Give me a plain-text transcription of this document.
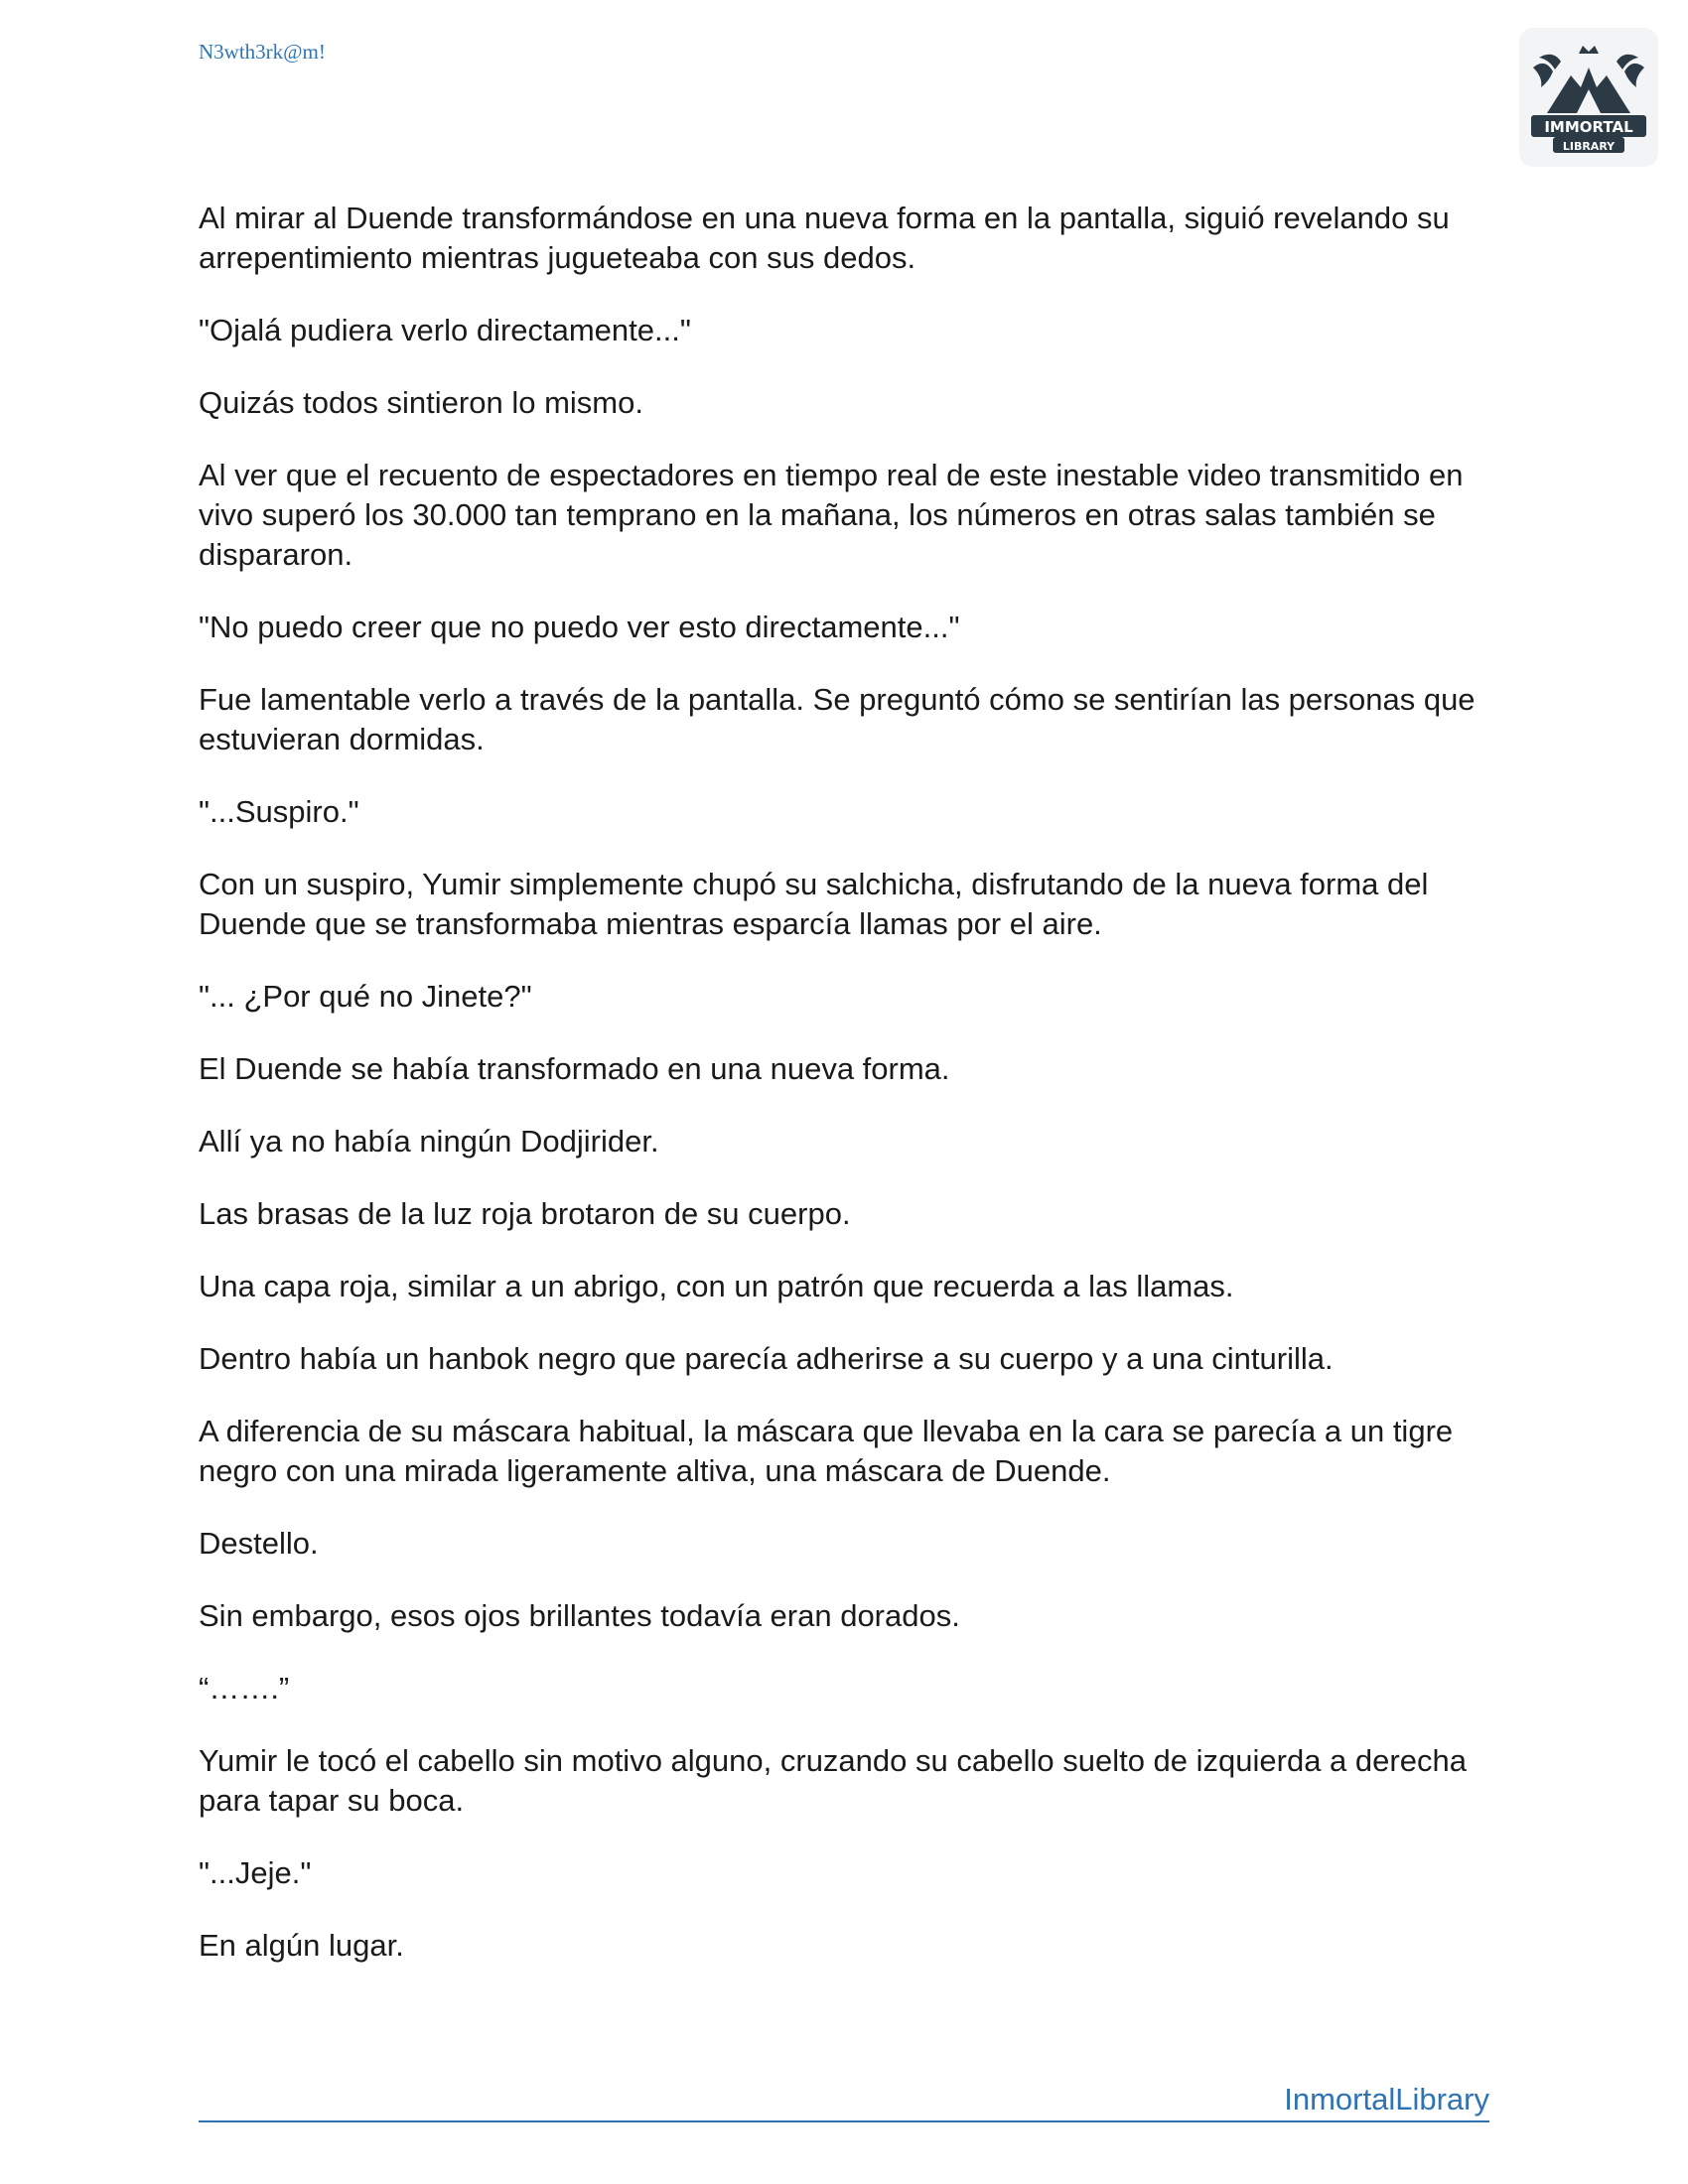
N3wth3rk@m!

IMMORTAL
LIBRARY

Al mirar al Duende transformándose en una nueva forma en la pantalla, siguió revelando su arrepentimiento mientras jugueteaba con sus dedos.

"Ojalá pudiera verlo directamente..."

Quizás todos sintieron lo mismo.

Al ver que el recuento de espectadores en tiempo real de este inestable video transmitido en vivo superó los 30.000 tan temprano en la mañana, los números en otras salas también se dispararon.

"No puedo creer que no puedo ver esto directamente..."

Fue lamentable verlo a través de la pantalla. Se preguntó cómo se sentirían las personas que estuvieran dormidas.

"...Suspiro."

Con un suspiro, Yumir simplemente chupó su salchicha, disfrutando de la nueva forma del Duende que se transformaba mientras esparcía llamas por el aire.

"... ¿Por qué no Jinete?"

El Duende se había transformado en una nueva forma.

Allí ya no había ningún Dodjirider.

Las brasas de la luz roja brotaron de su cuerpo.

Una capa roja, similar a un abrigo, con un patrón que recuerda a las llamas.

Dentro había un hanbok negro que parecía adherirse a su cuerpo y a una cinturilla.

A diferencia de su máscara habitual, la máscara que llevaba en la cara se parecía a un tigre negro con una mirada ligeramente altiva, una máscara de Duende.

Destello.

Sin embargo, esos ojos brillantes todavía eran dorados.

“…….”

Yumir le tocó el cabello sin motivo alguno, cruzando su cabello suelto de izquierda a derecha para tapar su boca.

"...Jeje."

En algún lugar.

InmortalLibrary
